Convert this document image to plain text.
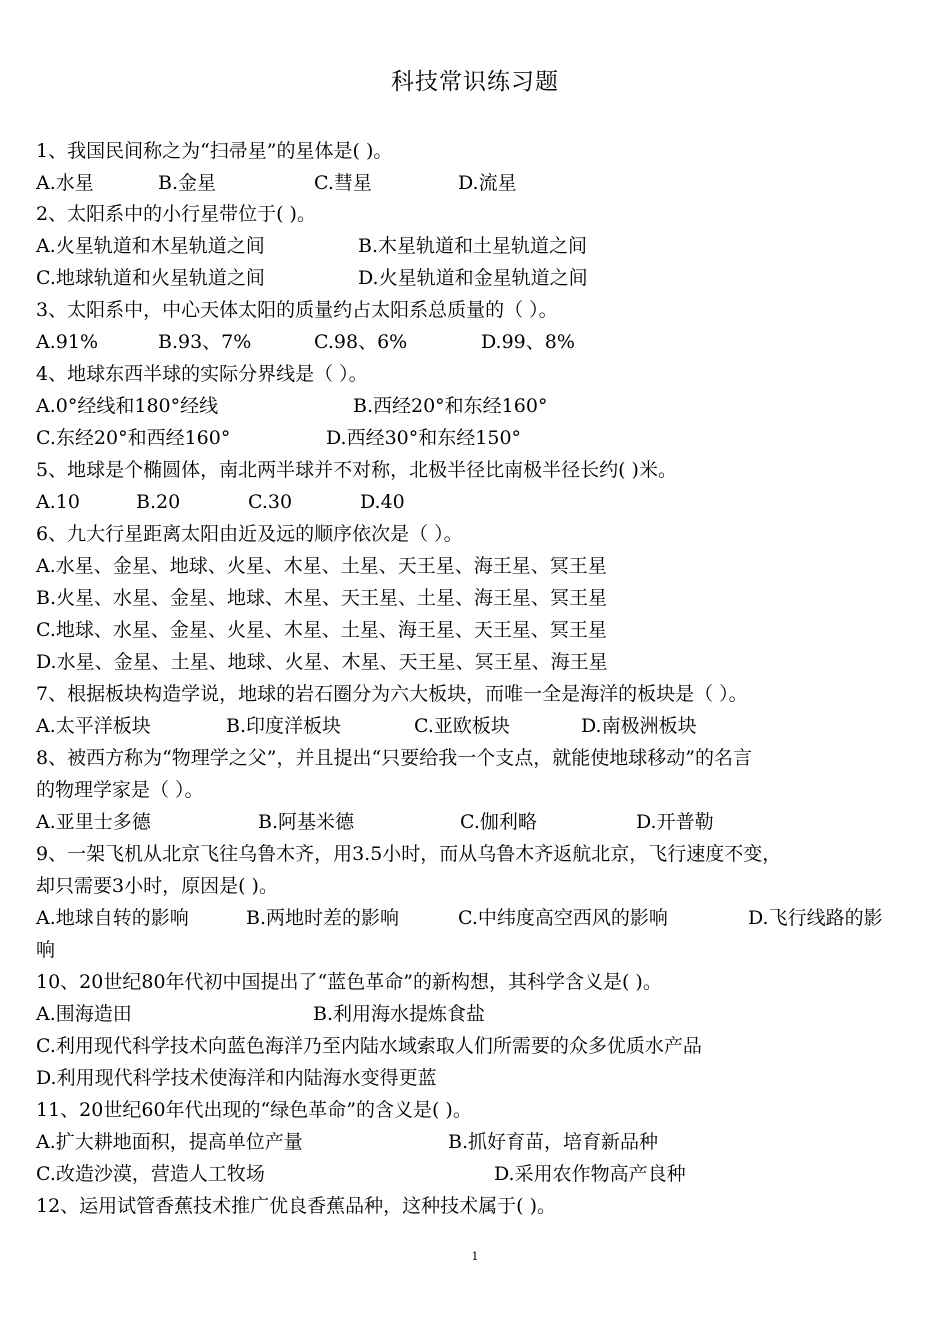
科技常识练习题
1、我国民间称之为“扫帚星”的星体是( )。
A.水星	B.金星	C.彗星	D.流星
2、太阳系中的小行星带位于( )。
A.火星轨道和木星轨道之间	B.木星轨道和土星轨道之间
C.地球轨道和火星轨道之间	D.火星轨道和金星轨道之间
3、太阳系中，中心天体太阳的质量约占太阳系总质量的（ ）。
A.91%	B.93、7%	C.98、6%	D.99、8%
4、地球东西半球的实际分界线是（ ）。
A.0°经线和180°经线	B.西经20°和东经160°
C.东经20°和西经160°	D.西经30°和东经150°
5、地球是个椭圆体，南北两半球并不对称，北极半径比南极半径长约( )米。
A.10	B.20	C.30	D.40
6、九大行星距离太阳由近及远的顺序依次是（ ）。
A.水星、金星、地球、火星、木星、土星、天王星、海王星、冥王星
B.火星、水星、金星、地球、木星、天王星、土星、海王星、冥王星
C.地球、水星、金星、火星、木星、土星、海王星、天王星、冥王星
D.水星、金星、土星、地球、火星、木星、天王星、冥王星、海王星
7、根据板块构造学说，地球的岩石圈分为六大板块，而唯一全是海洋的板块是（ ）。
A.太平洋板块	B.印度洋板块	C.亚欧板块	D.南极洲板块
8、被西方称为“物理学之父”，并且提出“只要给我一个支点，就能使地球移动”的名言
的物理学家是（ ）。
A.亚里士多德	B.阿基米德	C.伽利略	D.开普勒
9、一架飞机从北京飞往乌鲁木齐，用3.5小时，而从乌鲁木齐返航北京，飞行速度不变，
却只需要3小时，原因是( )。
A.地球自转的影响	B.两地时差的影响	C.中纬度高空西风的影响	D.飞行线路的影
响
10、20世纪80年代初中国提出了“蓝色革命”的新构想，其科学含义是( )。
A.围海造田	B.利用海水提炼食盐
C.利用现代科学技术向蓝色海洋乃至内陆水域索取人们所需要的众多优质水产品
D.利用现代科学技术使海洋和内陆海水变得更蓝
11、20世纪60年代出现的“绿色革命”的含义是( )。
A.扩大耕地面积，提高单位产量	B.抓好育苗，培育新品种
C.改造沙漠，营造人工牧场	D.采用农作物高产良种
12、运用试管香蕉技术推广优良香蕉品种，这种技术属于( )。
1
